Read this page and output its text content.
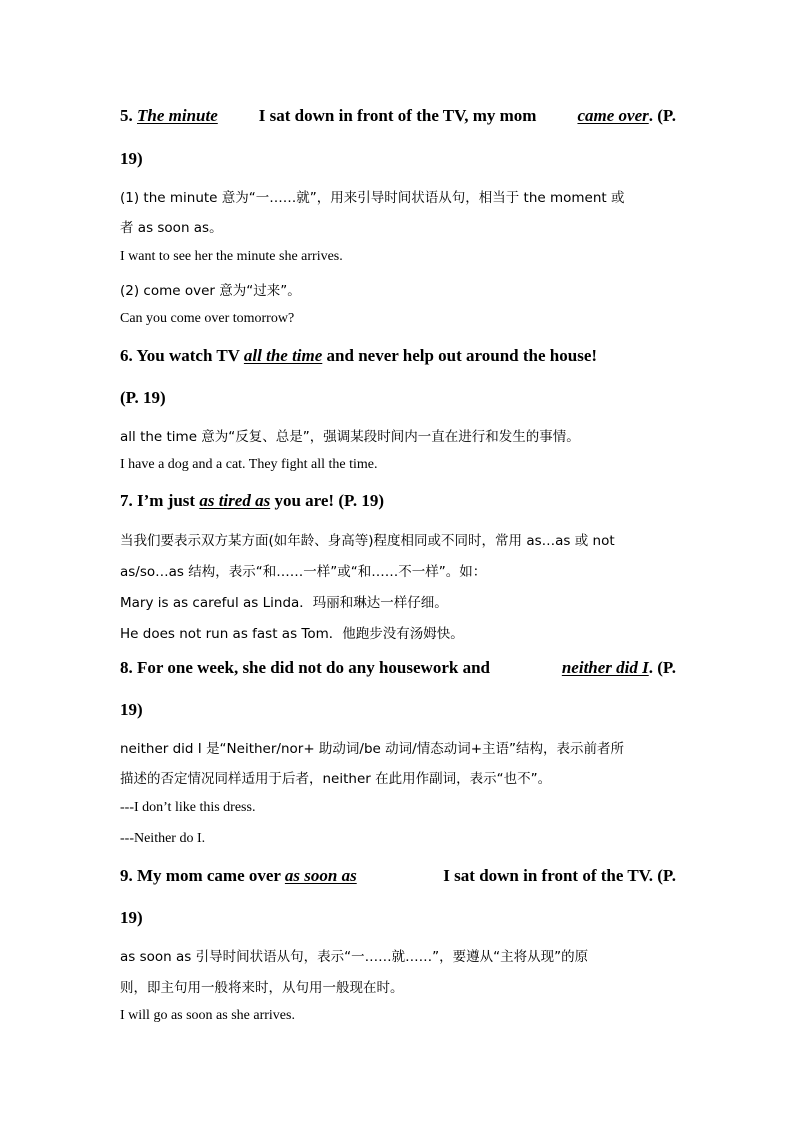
5. The minute I sat down in front of the TV, my mom came over. (P.
19)
(1) the minute 意为“一……就”，用来引导时间状语从句，相当于 the moment 或
者 as soon as。
I want to see her the minute she arrives.
(2) come over 意为“过来”。
Can you come over tomorrow?
6. You watch TV all the time and never help out around the house!
(P. 19)
all the time 意为“反复、总是”，强调某段时间内一直在进行和发生的事情。
I have a dog and a cat. They fight all the time.
7. I’m just as tired as you are! (P. 19)
当我们要表示双方某方面(如年龄、身高等)程度相同或不同时，常用 as…as 或 not
as/so…as 结构，表示“和……一样”或“和……不一样”。如：
Mary is as careful as Linda．玛丽和琳达一样仔细。
He does not run as fast as Tom．他跑步没有汤姆快。
8. For one week, she did not do any housework and	neither did I. (P.
19)
neither did I 是“Neither/nor+ 助动词/be 动词/情态动词+主语”结构，表示前者所
描述的否定情况同样适用于后者，neither 在此用作副词，表示“也不”。
---I don’t like this dress.
---Neither do I.
9. My mom came over as soon as	I sat down in front of the TV. (P.
19)
as soon as 引导时间状语从句，表示“一……就……”，要遵从“主将从现”的原
则，即主句用一般将来时，从句用一般现在时。
I will go as soon as she arrives.
